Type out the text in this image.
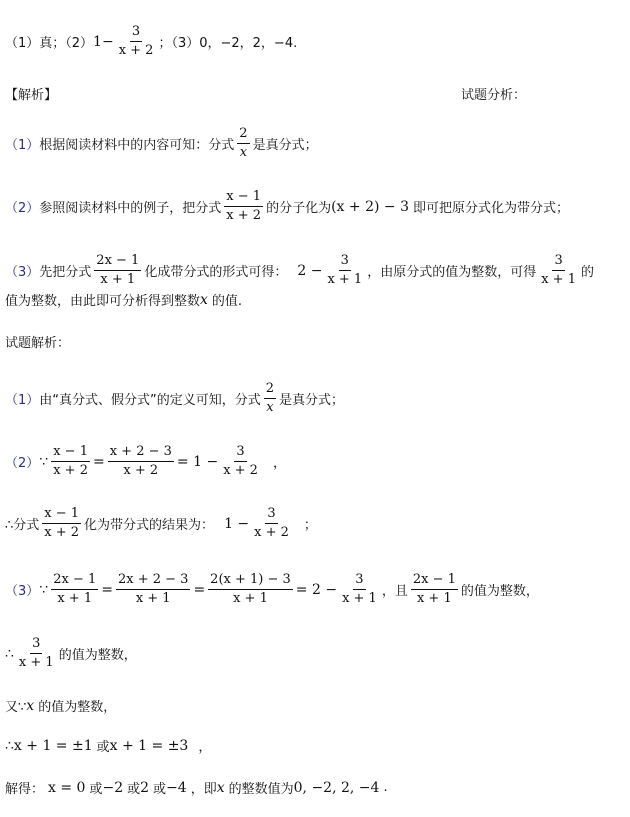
（1）真；（2） $1- \frac{3}{x + 2}$ ；（3）0，−2，2，−4.
【解析】	试题分析：
（1） 根据阅读材料中的内容可知：分式 $\frac{2}{x}$ 是真分式；
（2） 参照阅读材料中的例子，把分式 $\frac{x - 1}{x + 2}$ 的分子化为 (x + 2) − 3 即可把原分式化为带分式；
（3） 先把分式 $\frac{2x - 1}{x + 1}$ 化成带分式的形式可得： $2 - \frac{3}{x + 1}$ ，由原分式的值为整数，可得 $\frac{3}{x + 1}$ 的
值为整数，由此即可分析得到整数 x 的值.
试题解析：
（1） 由“真分式、假分式”的定义可知，分式 $\frac{2}{x}$ 是真分式；
（2） ∵ $\frac{x - 1}{x + 2} = \frac{x + 2 - 3}{x + 2} = 1 - \frac{3}{x + 2}$ ，
∴分式 $\frac{x - 1}{x + 2}$ 化为带分式的结果为： $1 - \frac{3}{x + 2}$ ；
（3） ∵ $\frac{2x - 1}{x + 1} = \frac{2x + 2 - 3}{x + 1} = \frac{2(x + 1) - 3}{x + 1} = 2 - \frac{3}{x + 1}$ ，且 $\frac{2x - 1}{x + 1}$ 的值为整数，
∴ $\frac{3}{x + 1}$ 的值为整数，
又∵ x 的值为整数，
∴ x + 1 = ±1 或 x + 1 = ±3 ，
解得： x = 0 或 −2 或 2 或 −4 ，即 x 的整数值为 0, −2, 2, −4 .
